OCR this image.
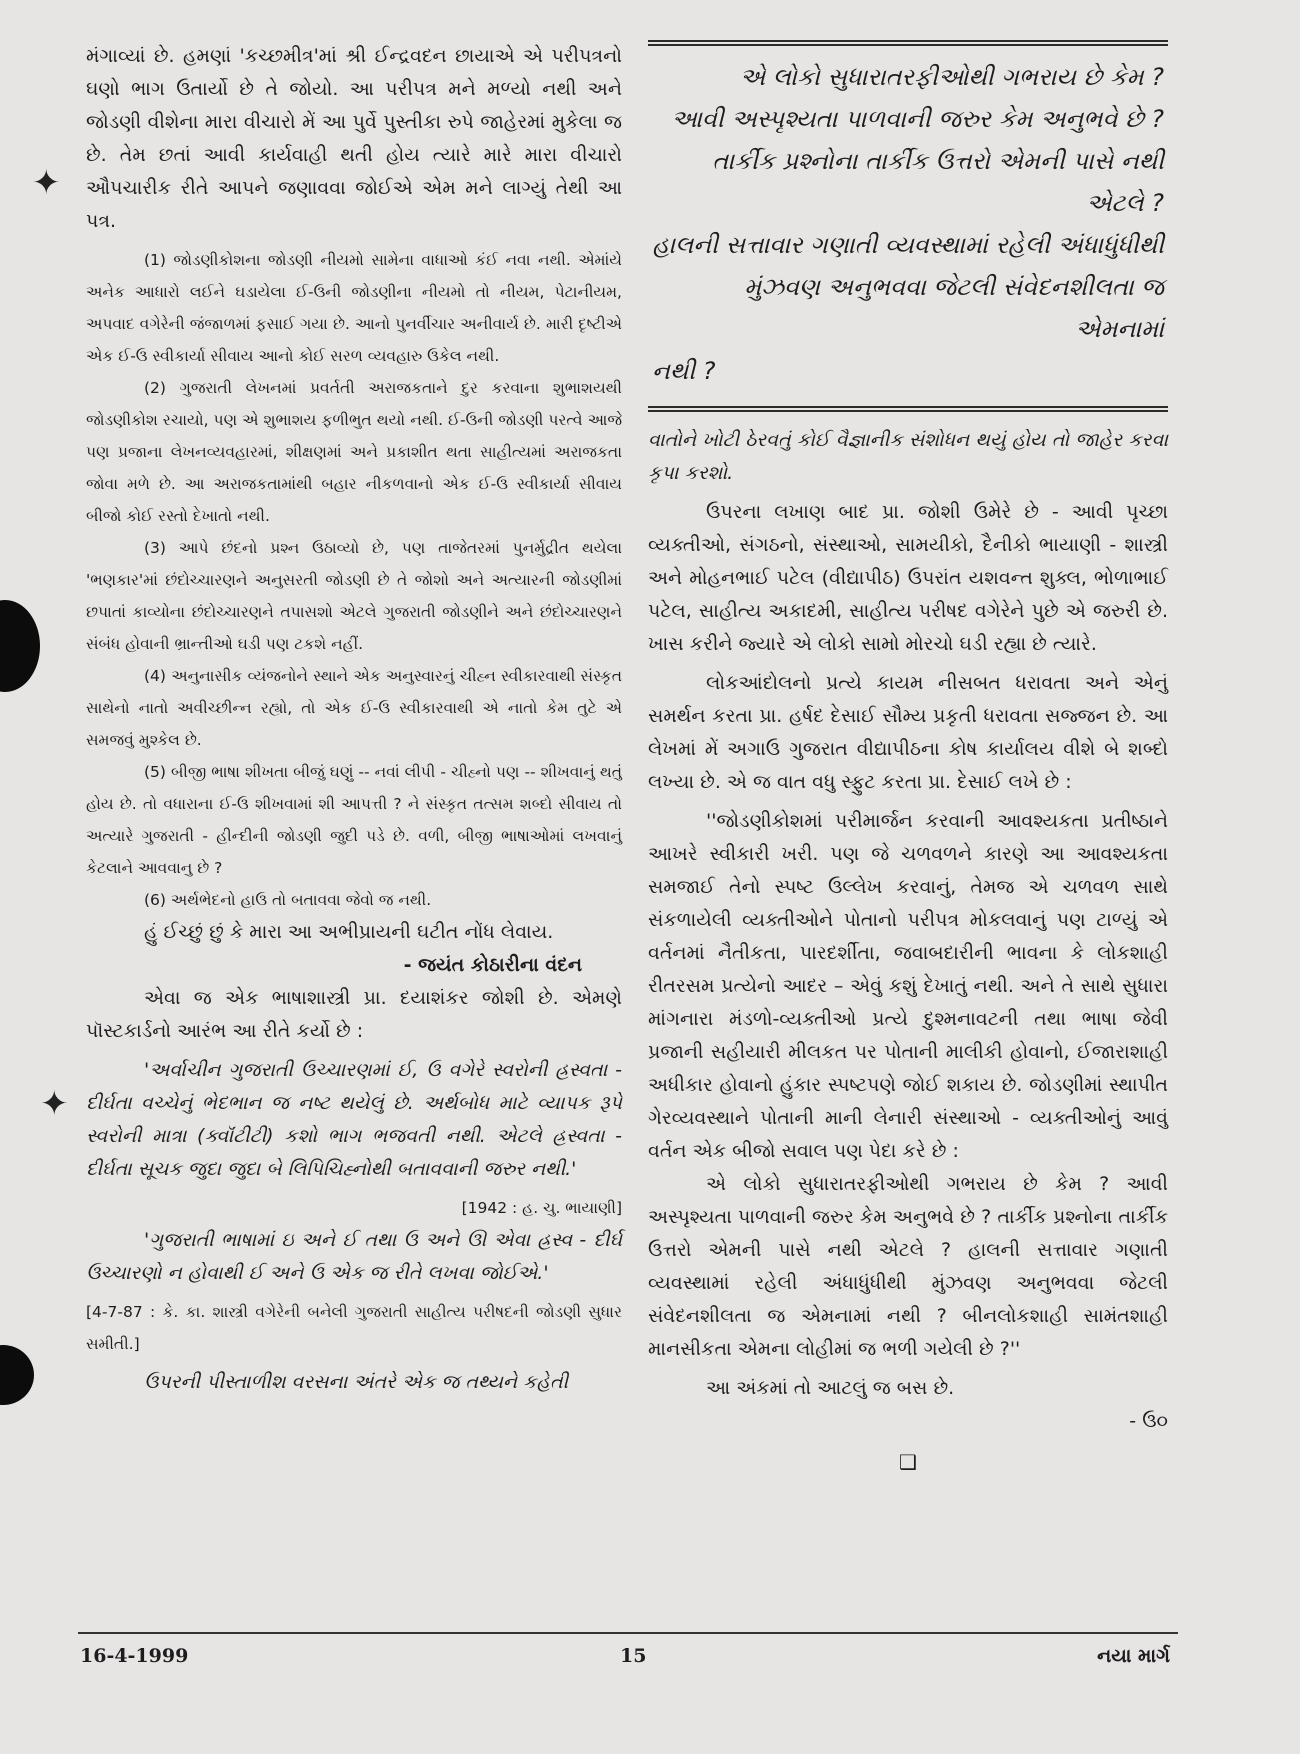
✦
✦

મંગાવ્યાં છે. હમણાં 'કચ્છમીત્ર'માં શ્રી ઈન્દ્રવદન છાયાએ એ પરીપત્રનો ઘણો ભાગ ઉતાર્યો છે તે જોયો. આ પરીપત્ર મને મળ્યો નથી અને જોડણી વીશેના મારા વીચારો મેં આ પુર્વે પુસ્તીકા રુપે જાહેરમાં મુકેલા જ છે. તેમ છતાં આવી કાર્યવાહી થતી હોય ત્યારે મારે મારા વીચારો ઔપચારીક રીતે આપને જણાવવા જોઈએ એમ મને લાગ્યું તેથી આ પત્ર.

(1) જોડણીકોશના જોડણી નીયમો સામેના વાધાઓ કંઈ નવા નથી. એમાંયે અનેક આધારો લઈને ઘડાયેલા ઈ-ઉની જોડણીના નીયમો તો નીયમ, પેટાનીયમ, અપવાદ વગેરેની જંજાળમાં ફસાઈ ગયા છે. આનો પુનર્વીચાર અનીવાર્ય છે. મારી દૃષ્ટીએ એક ઈ-ઉ સ્વીકાર્યા સીવાય આનો કોઈ સરળ વ્યવહારુ ઉકેલ નથી.

(2) ગુજરાતી લેખનમાં પ્રવર્તતી અરાજકતાને દુર કરવાના શુભાશયથી જોડણીકોશ રચાયો, પણ એ શુભાશય ફળીભુત થયો નથી. ઈ-ઉની જોડણી પરત્વે આજે પણ પ્રજાના લેખનવ્યવહારમાં, શીક્ષણમાં અને પ્રકાશીત થતા સાહીત્યમાં અરાજકતા જોવા મળે છે. આ અરાજકતામાંથી બહાર નીકળવાનો એક ઈ-ઉ સ્વીકાર્યા સીવાય બીજો કોઈ રસ્તો દેખાતો નથી.

(3) આપે છંદનો પ્રશ્ન ઉઠાવ્યો છે, પણ તાજેતરમાં પુનર્મુદ્રીત થયેલા 'ભણકાર'માં છંદોચ્ચારણને અનુસરતી જોડણી છે તે જોશો અને અત્યારની જોડણીમાં છપાતાં કાવ્યોના છંદોચ્ચારણને તપાસશો એટલે ગુજરાતી જોડણીને અને છંદોચ્ચારણને સંબંધ હોવાની ભ્રાન્તીઓ ઘડી પણ ટકશે નહીં.

(4) અનુનાસીક વ્યંજનોને સ્થાને એક અનુસ્વારનું ચીહ્ન સ્વીકારવાથી સંસ્કૃત સાથેનો નાતો અવીચ્છીન્ન રહ્યો, તો એક ઈ-ઉ સ્વીકારવાથી એ નાતો કેમ તુટે એ સમજવું મુશ્કેલ છે.

(5) બીજી ભાષા શીખતા બીજું ઘણું -- નવાં લીપી - ચીહ્નો પણ -- શીખવાનું થતું હોય છે. તો વધારાના ઈ-ઉ શીખવામાં શી આપત્તી ? ને સંસ્કૃત તત્સમ શબ્દો સીવાય તો અત્યારે ગુજરાતી - હીન્દીની જોડણી જુદી પડે છે. વળી, બીજી ભાષાઓમાં લખવાનું કેટલાને આવવાનુ છે ?

(6) અર્થભેદનો હાઉ તો બતાવવા જેવો જ નથી.

હું ઈચ્છું છું કે મારા આ અભીપ્રાયની ઘટીત નોંધ લેવાય.

- જયંત કોઠારીના વંદન

એવા જ એક ભાષાશાસ્ત્રી પ્રા. દયાશંકર જોશી છે. એમણે પૉસ્ટકાર્ડનો આરંભ આ રીતે કર્યો છે :

'અર્વાચીન ગુજરાતી ઉચ્ચારણમાં ઈ, ઉ વગેરે સ્વરોની હ્રસ્વતા - દીર્ઘતા વચ્ચેનું ભેદભાન જ નષ્ટ થયેલું છે. અર્થબોધ માટે વ્યાપક રૂપે સ્વરોની માત્રા (ક્વૉંટીટી) કશો ભાગ ભજવતી નથી. એટલે હ્રસ્વતા - દીર્ઘતા સૂચક જુદા જુદા બે લિપિચિહ્નોથી બતાવવાની જરુર નથી.'

[1942 : હ. ચુ. ભાયાણી]

'ગુજરાતી ભાષામાં ઇ અને ઈ તથા ઉ અને ઊ એવા હ્રસ્વ - દીર્ઘ ઉચ્ચારણો ન હોવાથી ઈ અને ઉ એક જ રીતે લખવા જોઈએ.'

[4-7-87 : કે. કા. શાસ્ત્રી વગેરેની બનેલી ગુજરાતી સાહીત્ય પરીષદની જોડણી સુધાર સમીતી.]

ઉપરની પીસ્તાળીશ વરસના અંતરે એક જ તથ્યને કહેતી

એ લોકો સુધારાતરફીઓથી ગભરાય છે કેમ ?

આવી અસ્પૃશ્યતા પાળવાની જરુર કેમ અનુભવે છે ?

તાર્કીક પ્રશ્નોના તાર્કીક ઉત્તરો એમની પાસે નથી એટલે ?

હાલની સત્તાવાર ગણાતી વ્યવસ્થામાં રહેલી અંધાધુંધીથી

મુંઝવણ અનુભવવા જેટલી સંવેદનશીલતા જ એમનામાં

નથી ?

વાતોને ખોટી ઠેરવતું કોઈ વૈજ્ઞાનીક સંશોધન થયું હોય તો જાહેર કરવા કૃપા કરશો.

ઉપરના લખાણ બાદ પ્રા. જોશી ઉમેરે છે - આવી પૃચ્છા વ્યક્તીઓ, સંગઠનો, સંસ્થાઓ, સામયીકો, દૈનીકો ભાયાણી - શાસ્ત્રી અને મોહનભાઈ પટેલ (વીદ્યાપીઠ) ઉપરાંત યશવન્ત શુક્લ, ભોળાભાઈ પટેલ, સાહીત્ય અકાદમી, સાહીત્ય પરીષદ વગેરેને પુછે એ જરુરી છે. ખાસ કરીને જ્યારે એ લોકો સામો મોરચો ઘડી રહ્યા છે ત્યારે.

લોકઆંદોલનો પ્રત્યે કાયમ નીસબત ધરાવતા અને એનું સમર્થન કરતા પ્રા. હર્ષદ દેસાઈ સૌમ્ય પ્રકૃતી ધરાવતા સજ્જન છે. આ લેખમાં મેં અગાઉ ગુજરાત વીદ્યાપીઠના કોષ કાર્યાલય વીશે બે શબ્દો લખ્યા છે. એ જ વાત વધુ સ્ફુટ કરતા પ્રા. દેસાઈ લખે છે :

''જોડણીકોશમાં પરીમાર્જન કરવાની આવશ્યકતા પ્રતીષ્ઠાને આખરે સ્વીકારી ખરી. પણ જે ચળવળને કારણે આ આવશ્યકતા સમજાઈ તેનો સ્પષ્ટ ઉલ્લેખ કરવાનું, તેમજ એ ચળવળ સાથે સંકળાયેલી વ્યક્તીઓને પોતાનો પરીપત્ર મોકલવાનું પણ ટાળ્યું એ વર્તનમાં નૈતીકતા, પારદર્શીતા, જવાબદારીની ભાવના કે લોકશાહી રીતરસમ પ્રત્યેનો આદર – એવું કશું દેખાતું નથી. અને તે સાથે સુધારા માંગનારા મંડળો-વ્યક્તીઓ પ્રત્યે દુશ્મનાવટની તથા ભાષા જેવી પ્રજાની સહીયારી મીલકત પર પોતાની માલીકી હોવાનો, ઈજારાશાહી અધીકાર હોવાનો હુંકાર સ્પષ્ટપણે જોઈ શકાય છે. જોડણીમાં સ્થાપીત ગેરવ્યવસ્થાને પોતાની માની લેનારી સંસ્થાઓ - વ્યક્તીઓનું આવું વર્તન એક બીજો સવાલ પણ પેદા કરે છે :

એ લોકો સુધારાતરફીઓથી ગભરાય છે કેમ ? આવી અસ્પૃશ્યતા પાળવાની જરુર કેમ અનુભવે છે ? તાર્કીક પ્રશ્નોના તાર્કીક ઉત્તરો એમની પાસે નથી એટલે ? હાલની સત્તાવાર ગણાતી વ્યવસ્થામાં રહેલી અંધાધુંધીથી મુંઝવણ અનુભવવા જેટલી સંવેદનશીલતા જ એમનામાં નથી ? બીનલોકશાહી સામંતશાહી માનસીકતા એમના લોહીમાં જ ભળી ગયેલી છે ?''

આ અંકમાં તો આટલું જ બસ છે.

- ઉ૦

❑

16-4-1999	15	નયા માર્ગ
